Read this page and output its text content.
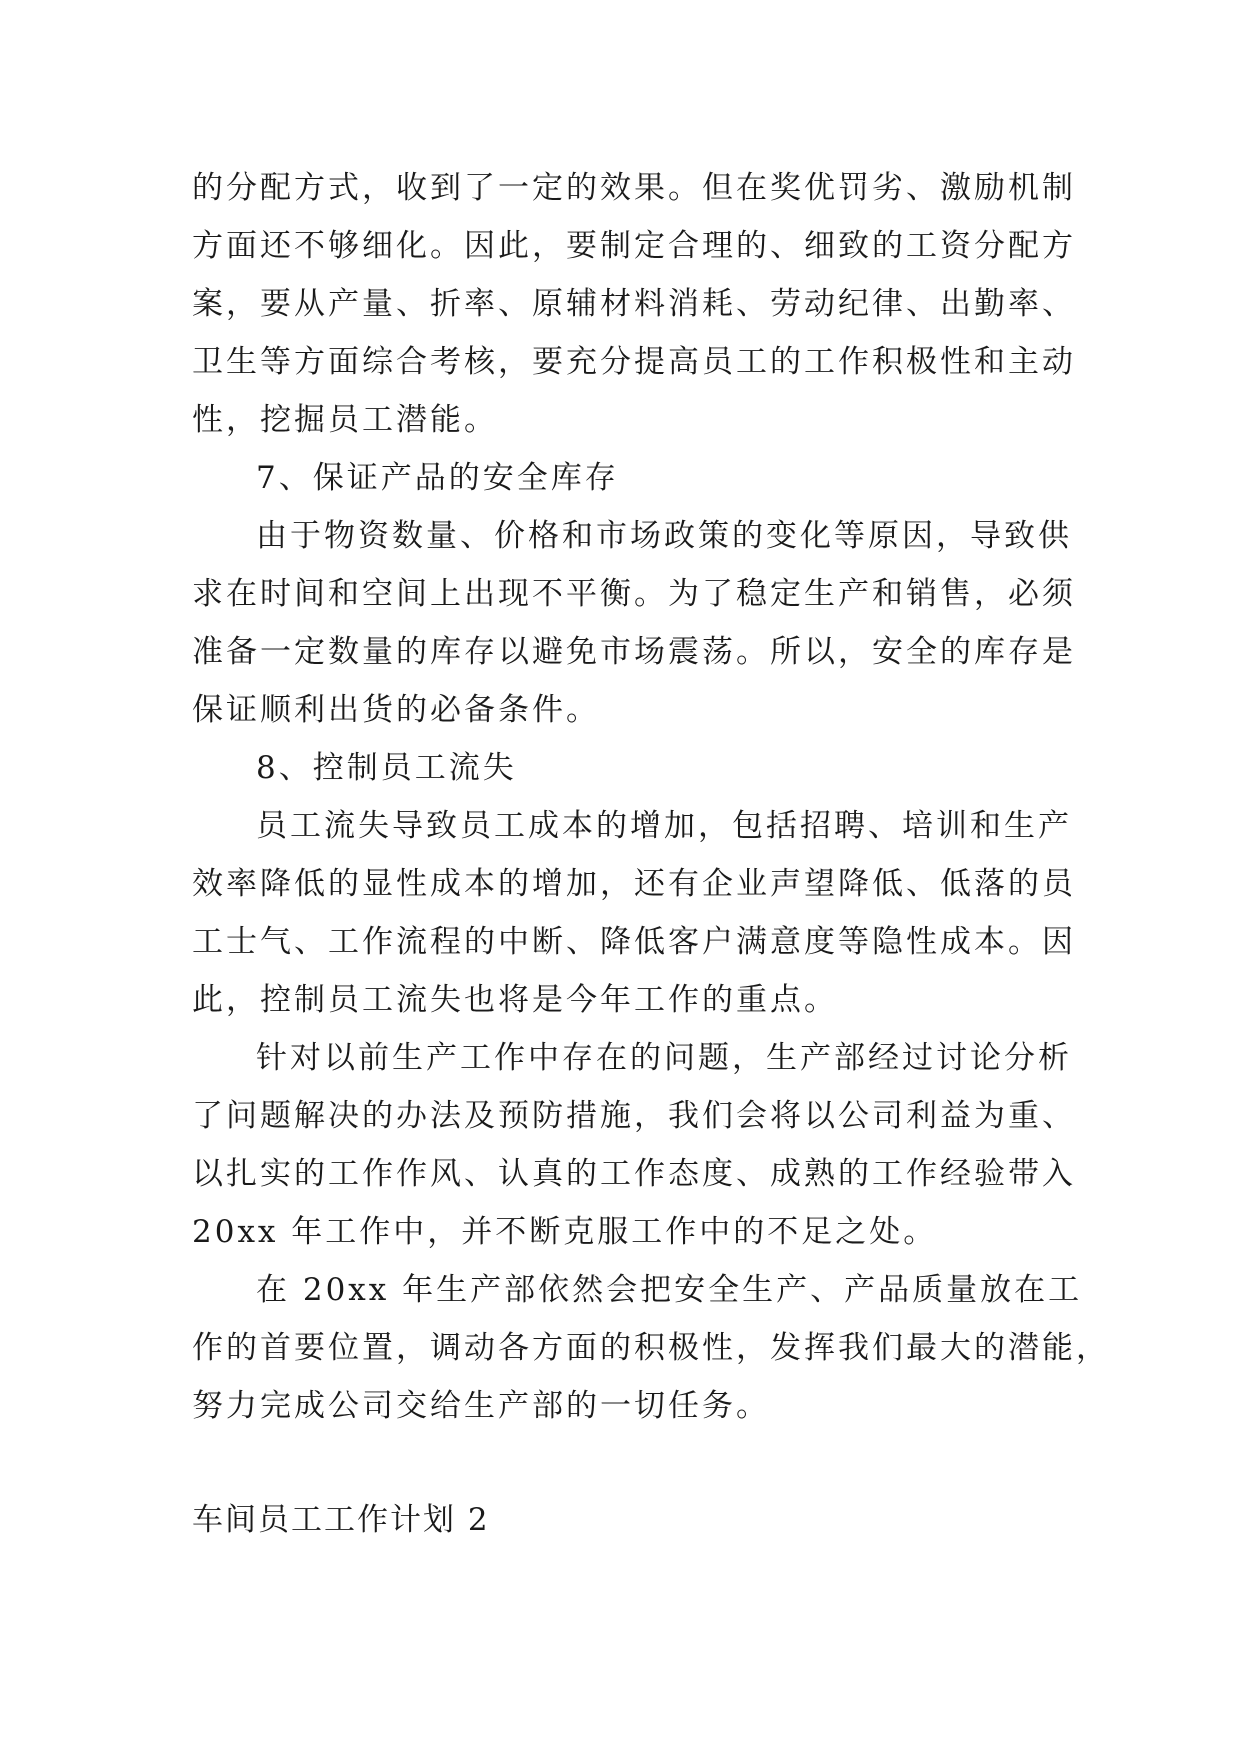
的分配方式，收到了一定的效果。但在奖优罚劣、激励机制
方面还不够细化。因此，要制定合理的、细致的工资分配方
案，要从产量、折率、原辅材料消耗、劳动纪律、出勤率、
卫生等方面综合考核，要充分提高员工的工作积极性和主动
性，挖掘员工潜能。
7、保证产品的安全库存
由于物资数量、价格和市场政策的变化等原因，导致供
求在时间和空间上出现不平衡。为了稳定生产和销售，必须
准备一定数量的库存以避免市场震荡。所以，安全的库存是
保证顺利出货的必备条件。
8、控制员工流失
员工流失导致员工成本的增加，包括招聘、培训和生产
效率降低的显性成本的增加，还有企业声望降低、低落的员
工士气、工作流程的中断、降低客户满意度等隐性成本。因
此，控制员工流失也将是今年工作的重点。
针对以前生产工作中存在的问题，生产部经过讨论分析
了问题解决的办法及预防措施，我们会将以公司利益为重、
以扎实的工作作风、认真的工作态度、成熟的工作经验带入
20xx 年工作中，并不断克服工作中的不足之处。
在 20xx 年生产部依然会把安全生产、产品质量放在工
作的首要位置，调动各方面的积极性，发挥我们最大的潜能，
努力完成公司交给生产部的一切任务。
车间员工工作计划 2
